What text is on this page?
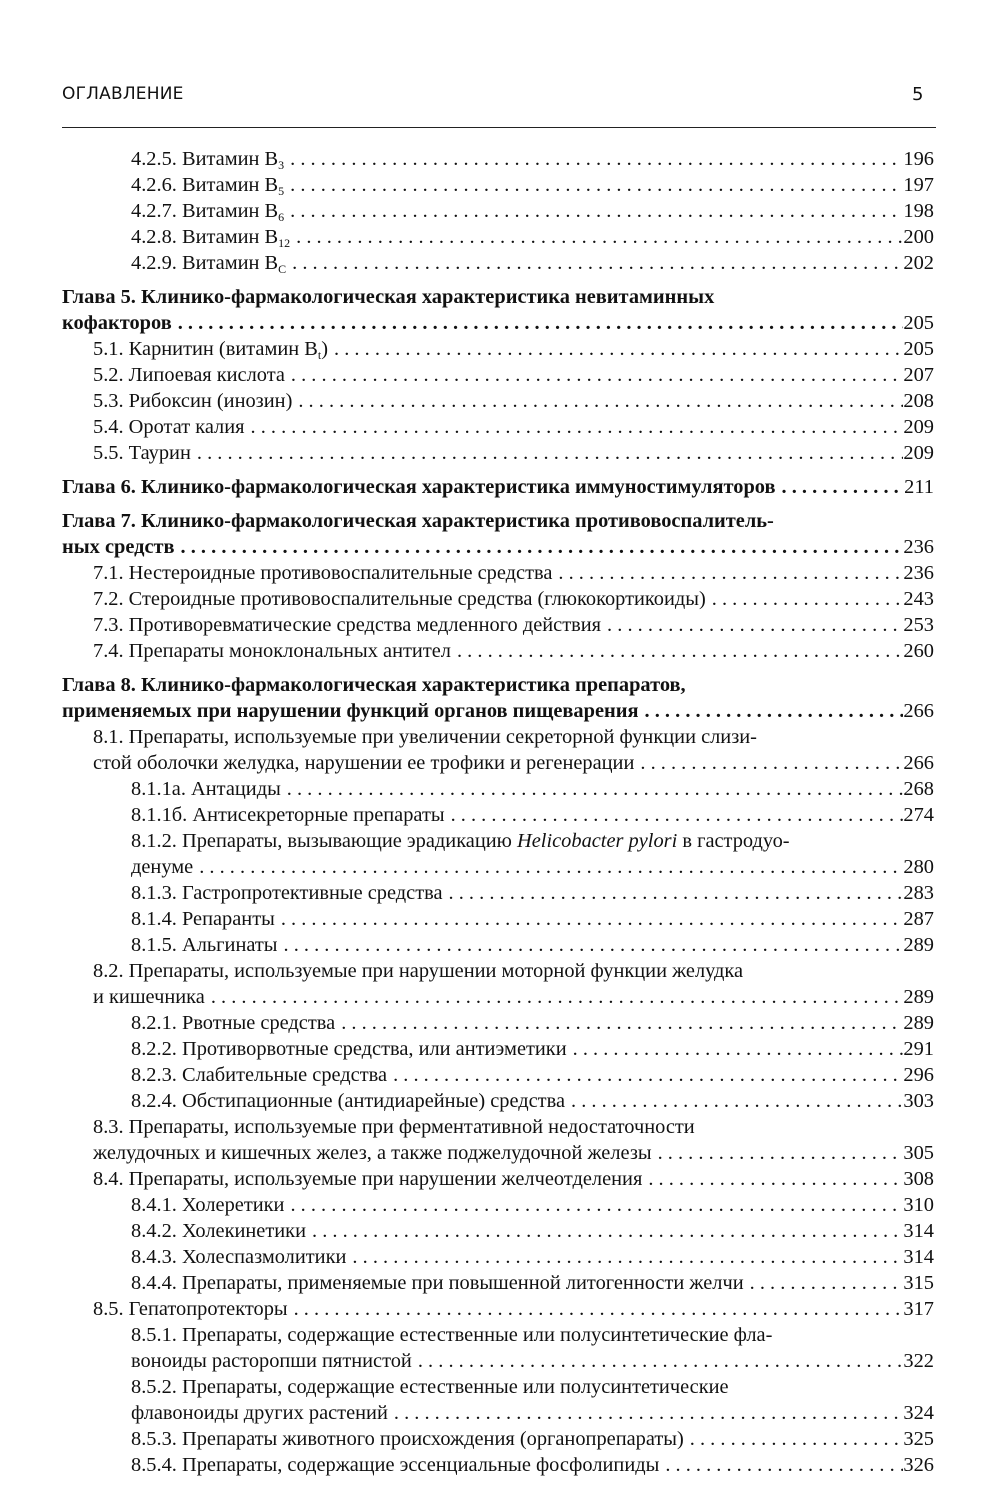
ОГЛАВЛЕНИЕ	5
4.2.5. Витамин $B_3$ . . .	196
4.2.6. Витамин $B_5$ . . .	197
4.2.7. Витамин $B_6$ . . .	198
4.2.8. Витамин $B_{12}$ . . .	200
4.2.9. Витамин $B_C$ . . .	202
Глава 5. Клинико-фармакологическая характеристика невитаминных
кофакторов . . .	205
5.1. Карнитин (витамин $B_t$) . . .	205
5.2. Липоевая кислота . . .	207
5.3. Рибоксин (инозин) . . .	208
5.4. Оротат калия . . .	209
5.5. Таурин . . .	209
Глава 6. Клинико-фармакологическая характеристика иммуностимуляторов . . .	211
Глава 7. Клинико-фармакологическая характеристика противовоспалитель-
ных средств . . .	236
7.1. Нестероидные противовоспалительные средства . . .	236
7.2. Стероидные противовоспалительные средства (глюкокортикоиды) . . .	243
7.3. Противоревматические средства медленного действия . . .	253
7.4. Препараты моноклональных антител . . .	260
Глава 8. Клинико-фармакологическая характеристика препаратов,
применяемых при нарушении функций органов пищеварения . . .	266
8.1. Препараты, используемые при увеличении секреторной функции слизи-
стой оболочки желудка, нарушении ее трофики и регенерации . . .	266
8.1.1а. Антациды . . .	268
8.1.1б. Антисекреторные препараты . . .	274
8.1.2. Препараты, вызывающие эрадикацию Helicobacter pylori в гастродуо-
денуме . . .	280
8.1.3. Гастропротективные средства . . .	283
8.1.4. Репаранты . . .	287
8.1.5. Альгинаты . . .	289
8.2. Препараты, используемые при нарушении моторной функции желудка
и кишечника . . .	289
8.2.1. Рвотные средства . . .	289
8.2.2. Противорвотные средства, или антиэметики . . .	291
8.2.3. Слабительные средства . . .	296
8.2.4. Обстипационные (антидиарейные) средства . . .	303
8.3. Препараты, используемые при ферментативной недостаточности
желудочных и кишечных желез, а также поджелудочной железы . . .	305
8.4. Препараты, используемые при нарушении желчеотделения . . .	308
8.4.1. Холеретики . . .	310
8.4.2. Холекинетики . . .	314
8.4.3. Холеспазмолитики . . .	314
8.4.4. Препараты, применяемые при повышенной литогенности желчи . . .	315
8.5. Гепатопротекторы . . .	317
8.5.1. Препараты, содержащие естественные или полусинтетические фла-
воноиды расторопши пятнистой . . .	322
8.5.2. Препараты, содержащие естественные или полусинтетические
флавоноиды других растений . . .	324
8.5.3. Препараты животного происхождения (органопрепараты) . . .	325
8.5.4. Препараты, содержащие эссенциальные фосфолипиды . . .	326
